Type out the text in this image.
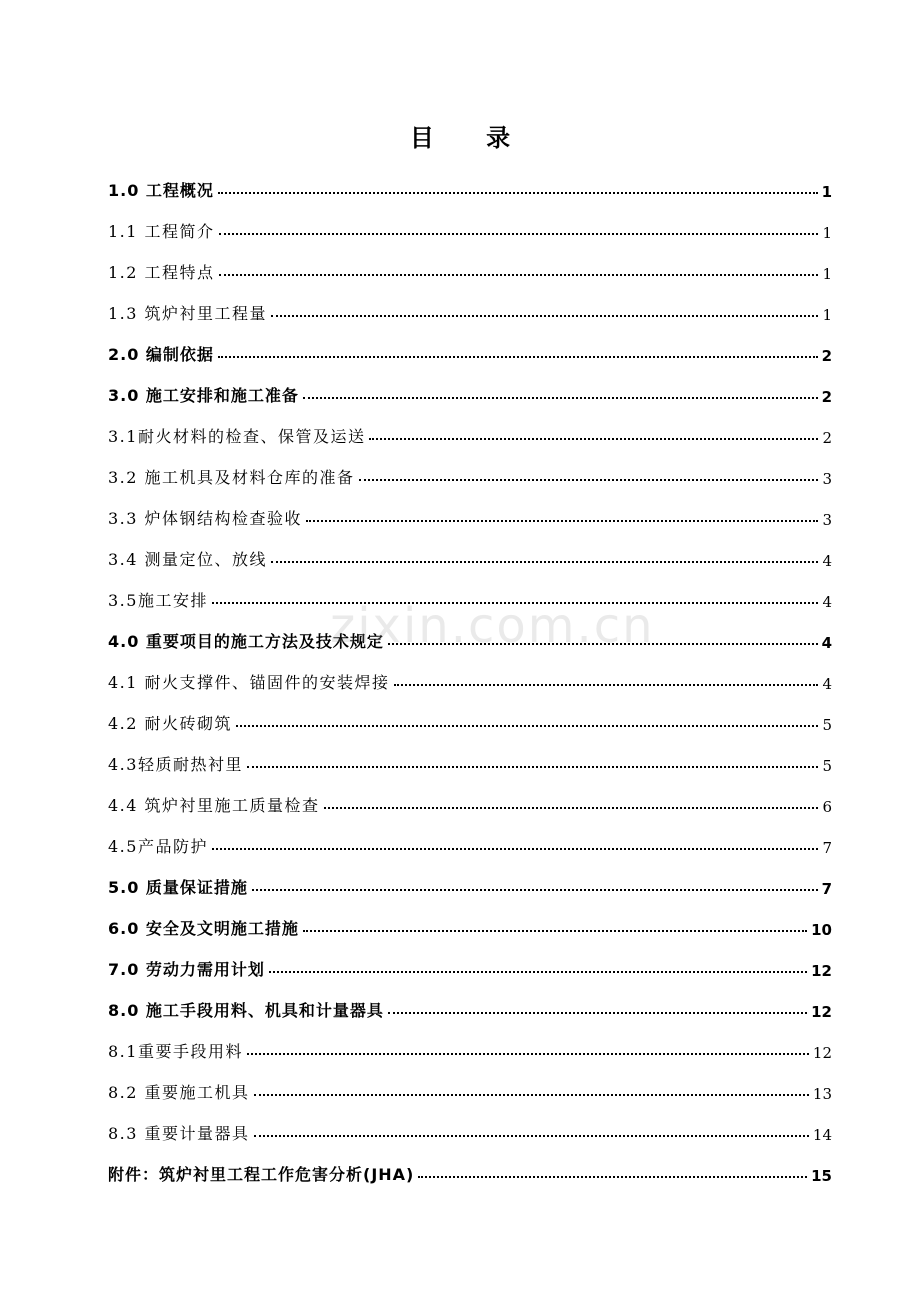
目 录
1.0 工程概况	1
1.1 工程简介	1
1.2 工程特点	1
1.3 筑炉衬里工程量	1
2.0 编制依据	2
3.0 施工安排和施工准备	2
3.1耐火材料的检查、保管及运送	2
3.2 施工机具及材料仓库的准备	3
3.3 炉体钢结构检查验收	3
3.4 测量定位、放线	4
3.5施工安排	4
4.0 重要项目的施工方法及技术规定	4
4.1 耐火支撑件、锚固件的安装焊接	4
4.2 耐火砖砌筑	5
4.3轻质耐热衬里	5
4.4 筑炉衬里施工质量检查	6
4.5产品防护	7
5.0 质量保证措施	7
6.0 安全及文明施工措施	10
7.0 劳动力需用计划	12
8.0 施工手段用料、机具和计量器具	12
8.1重要手段用料	12
8.2 重要施工机具	13
8.3 重要计量器具	14
附件：筑炉衬里工程工作危害分析(JHA)	15
zixin.com.cn
